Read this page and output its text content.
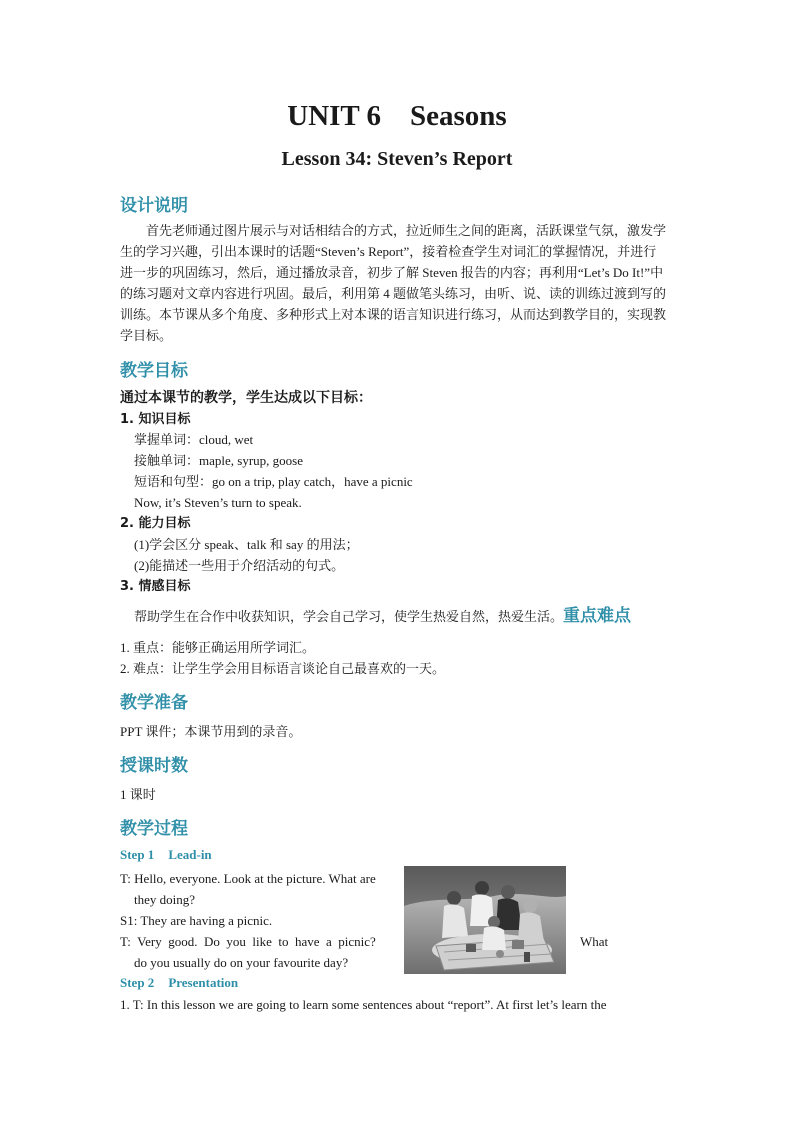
UNIT 6    Seasons
Lesson 34: Steven’s Report
设计说明
首先老师通过图片展示与对话相结合的方式，拉近师生之间的距离，活跃课堂气氛，激发学生的学习兴趣，引出本课时的话题“Steven’s Report”，接着检查学生对词汇的掌握情况，并进行进一步的巩固练习，然后，通过播放录音，初步了解 Steven 报告的内容；再利用“Let’s Do It!”中的练习题对文章内容进行巩固。最后，利用第 4 题做笔头练习，由听、说、读的训练过渡到写的训练。本节课从多个角度、多种形式上对本课的语言知识进行练习，从而达到教学目的，实现教学目标。
教学目标
通过本课节的教学，学生达成以下目标：
1. 知识目标
掌握单词：cloud, wet
接触单词：maple, syrup, goose
短语和句型：go on a trip, play catch，have a picnic
Now, it’s Steven’s turn to speak.
2. 能力目标
(1)学会区分 speak、talk 和 say 的用法；
(2)能描述一些用于介绍活动的句式。
3. 情感目标
帮助学生在合作中收获知识，学会自己学习，使学生热爱自然，热爱生活。重点难点
1. 重点：能够正确运用所学词汇。
2. 难点：让学生学会用目标语言谈论自己最喜欢的一天。
教学准备
PPT 课件；本课节用到的录音。
授课时数
1 课时
教学过程
Step 1 Lead-in
T: Hello, everyone. Look at the picture. What are
they doing?
S1: They are having a picnic.
T:  Very  good.  Do  you  like  to  have  a  picnic?	What
do you usually do on your favourite day?
Step 2 Presentation
1. T: In this lesson we are going to learn some sentences about “report”. At first let’s learn the
